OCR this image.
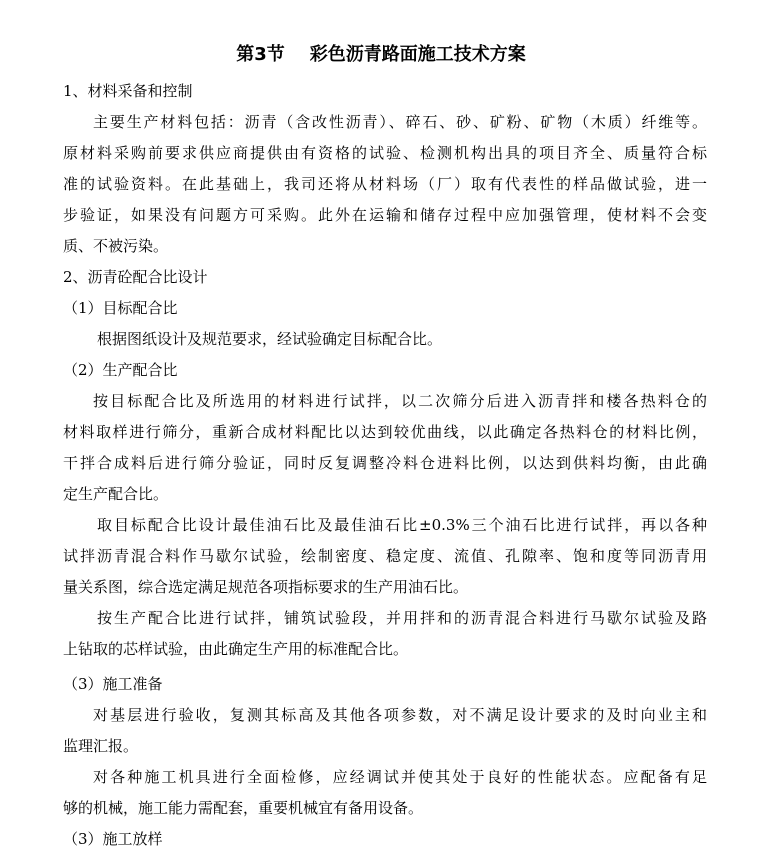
第3节    彩色沥青路面施工技术方案
1、材料采备和控制
主要生产材料包括：沥青（含改性沥青）、碎石、砂、矿粉、矿物（木质）纤维等。
原材料采购前要求供应商提供由有资格的试验、检测机构出具的项目齐全、质量符合标
准的试验资料。在此基础上，我司还将从材料场（厂）取有代表性的样品做试验，进一
步验证，如果没有问题方可采购。此外在运输和储存过程中应加强管理，使材料不会变
质、不被污染。
2、沥青砼配合比设计
（1）目标配合比
根据图纸设计及规范要求，经试验确定目标配合比。
（2）生产配合比
按目标配合比及所选用的材料进行试拌，以二次筛分后进入沥青拌和楼各热料仓的
材料取样进行筛分，重新合成材料配比以达到较优曲线，以此确定各热料仓的材料比例，
干拌合成料后进行筛分验证，同时反复调整冷料仓进料比例，以达到供料均衡，由此确
定生产配合比。
取目标配合比设计最佳油石比及最佳油石比±0.3%三个油石比进行试拌，再以各种
试拌沥青混合料作马歇尔试验，绘制密度、稳定度、流值、孔隙率、饱和度等同沥青用
量关系图，综合选定满足规范各项指标要求的生产用油石比。
按生产配合比进行试拌，铺筑试验段，并用拌和的沥青混合料进行马歇尔试验及路
上钻取的芯样试验，由此确定生产用的标准配合比。
（3）施工准备
对基层进行验收，复测其标高及其他各项参数，对不满足设计要求的及时向业主和
监理汇报。
对各种施工机具进行全面检修，应经调试并使其处于良好的性能状态。应配备有足
够的机械，施工能力需配套，重要机械宜有备用设备。
（3）施工放样
